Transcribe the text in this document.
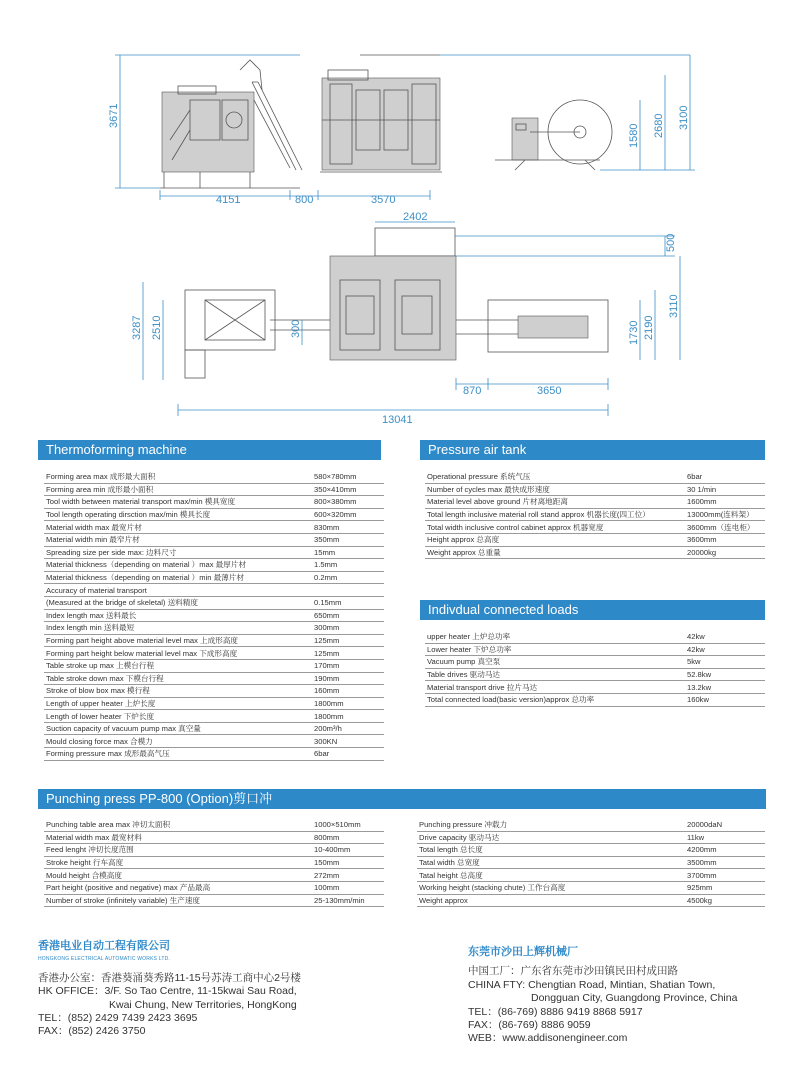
3671
4151	800	3570
1580 2680 3100
2402
500
3287 2510	300	1730 2190
3110
870	3650
13041
Thermoforming machine
Forming area max 成形最大面积	580×780mm
Forming area min 成形最小面积	350×410mm
Tool width between material transport max/min 模具宽度	800×380mm
Tool length operating dirsction max/min 模具长度	600×320mm
Material width max 最宽片材	830mm
Material width min 最窄片材	350mm
Spreading size per side max: 边料尺寸	15mm
Material thickness（depending on material ）max 最厚片材	1.5mm
Material thickness（depending on material ）min 最薄片材	0.2mm
Accuracy of material transport
(Measured at the bridge of skeletal) 送料精度	0.15mm
Index length max 送料最长	650mm
Index length min 送料最短	300mm
Forming part height above material level max 上成形高度	125mm
Forming part height below material level max 下成形高度	125mm
Table stroke up max 上模台行程	170mm
Table stroke down max 下模台行程	190mm
Stroke of blow box max 模行程	160mm
Length of upper heater 上炉长度	1800mm
Length of lower heater 下炉长度	1800mm
Suction capacity of vacuum pump max 真空量	200m³/h
Mould closing force max 合模力	300KN
Forming pressure max 成形最高气压	6bar
Pressure air tank
Operational pressure 系统气压	6bar
Number of cycles max 最快成形速度	30 1/min
Material level above ground 片材离地距离	1600mm
Total length inclusive material roll stand approx 机器长度(四工位）	13000mm(连料架）
Total width inclusive control cabinet approx 机器宽度	3600mm（连电柜）
Height approx 总高度	3600mm
Weight approx 总重量	20000kg
Indivdual connected loads
upper heater 上炉总功率	42kw
Lower heater 下炉总功率	42kw
Vacuum pump 真空泵	5kw
Table drives 驱动马达	52.8kw
Material transport drive 拉片马达	13.2kw
Total connected load(basic version)approx 总功率	160kw
Punching press PP-800 (Option)剪口冲
Punching table area max 冲切太面积	1000×510mm
Material width max 最宽材料	800mm
Feed lenght 冲切长度范围	10-400mm
Stroke height 行车高度	150mm
Mould height 合模高度	272mm
Part height (positive and negative) max 产品最高	100mm
Number of stroke (infinitely variable) 生产速度	25-130mm/min
Punching pressure 冲载力	20000daN
Drive capacity 驱动马达	11kw
Total length 总长度	4200mm
Tatal width 总宽度	3500mm
Tatal height 总高度	3700mm
Working height (stacking chute) 工作台高度	925mm
Weight approx	4500kg
香港电业自动工程有限公司
HONGKONG ELECTRICAL AUTOMATIC WORKS LTD.
香港办公室：香港葵涌葵秀路11-15号苏涛工商中心2号楼
HK OFFICE：3/F. So Tao Centre, 11-15kwai Sau Road,
Kwai Chung, New Territories, HongKong
TEL：(852) 2429 7439 2423 3695
FAX：(852) 2426 3750
东莞市沙田上辉机械厂
中国工厂：广东省东莞市沙田镇民田村成田路
CHINA FTY: Chengtian Road, Mintian, Shatian Town,
Dongguan City, Guangdong Province, China
TEL：(86-769) 8886 9419 8868 5917
FAX：(86-769) 8886 9059
WEB：www.addisonengineer.com
